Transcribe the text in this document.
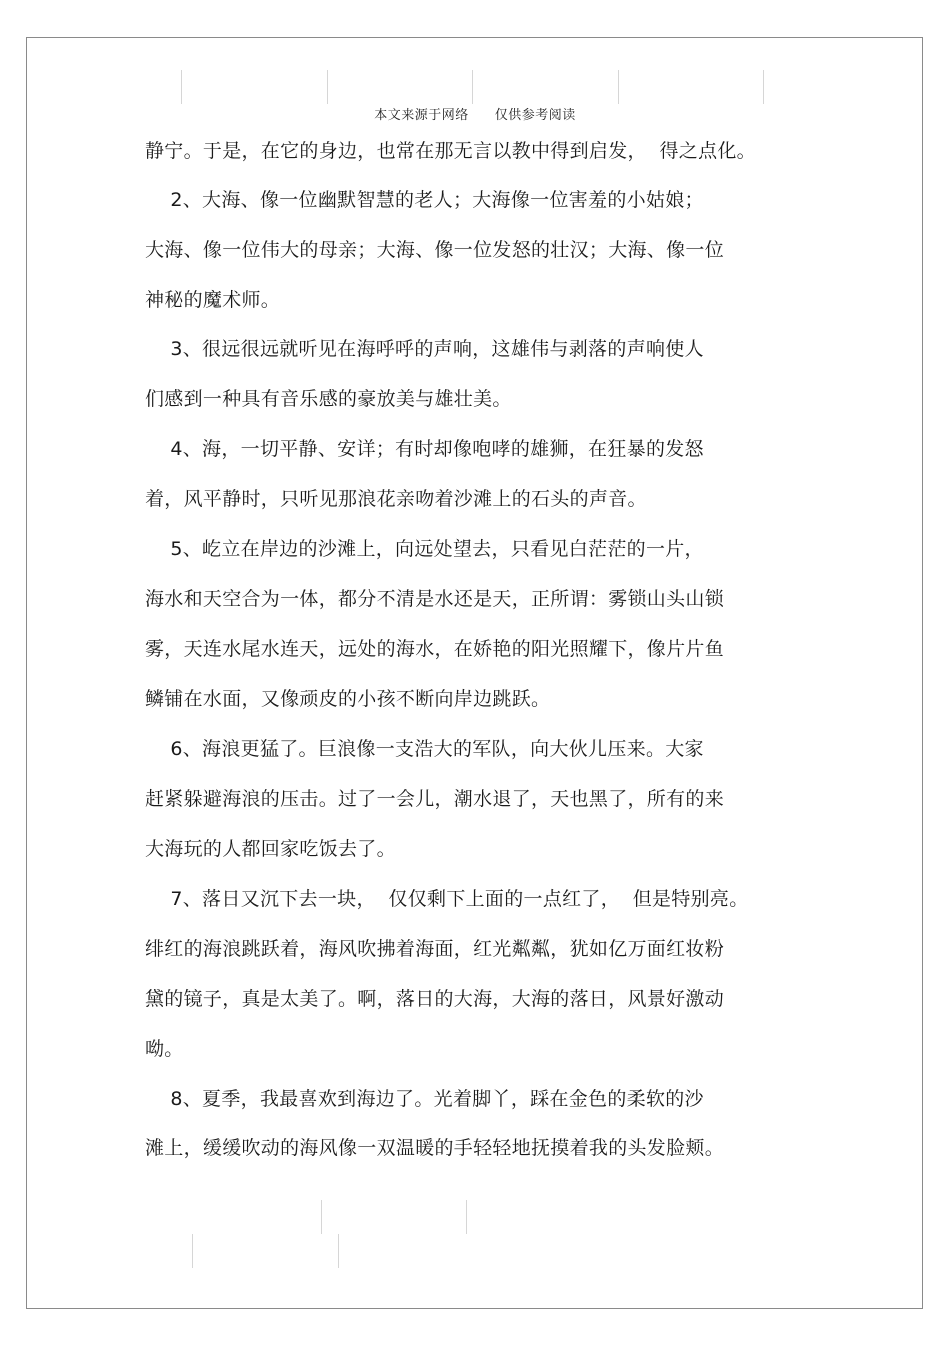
本文来源于网络 仅供参考阅读
静宁。于是，在它的身边，也常在那无言以教中得到启发，  得之点化。
2、大海、像一位幽默智慧的老人；大海像一位害羞的小姑娘；
大海、像一位伟大的母亲；大海、像一位发怒的壮汉；大海、像一位
神秘的魔术师。
3、很远很远就听见在海呼呼的声响，这雄伟与剥落的声响使人
们感到一种具有音乐感的豪放美与雄壮美。
4、海，一切平静、安详；有时却像咆哮的雄狮，在狂暴的发怒
着，风平静时，只听见那浪花亲吻着沙滩上的石头的声音。
5、屹立在岸边的沙滩上，向远处望去，只看见白茫茫的一片，
海水和天空合为一体，都分不清是水还是天，正所谓：雾锁山头山锁
雾，天连水尾水连天，远处的海水，在娇艳的阳光照耀下，像片片鱼
鳞铺在水面，又像顽皮的小孩不断向岸边跳跃。
6、海浪更猛了。巨浪像一支浩大的军队，向大伙儿压来。大家
赶紧躲避海浪的压击。过了一会儿，潮水退了，天也黑了，所有的来
大海玩的人都回家吃饭去了。
7、落日又沉下去一块，  仅仅剩下上面的一点红了，  但是特别亮。
绯红的海浪跳跃着，海风吹拂着海面，红光粼粼，犹如亿万面红妆粉
黛的镜子，真是太美了。啊，落日的大海，大海的落日，风景好激动
呦。
8、夏季，我最喜欢到海边了。光着脚丫，踩在金色的柔软的沙
滩上，缓缓吹动的海风像一双温暖的手轻轻地抚摸着我的头发脸颊。
